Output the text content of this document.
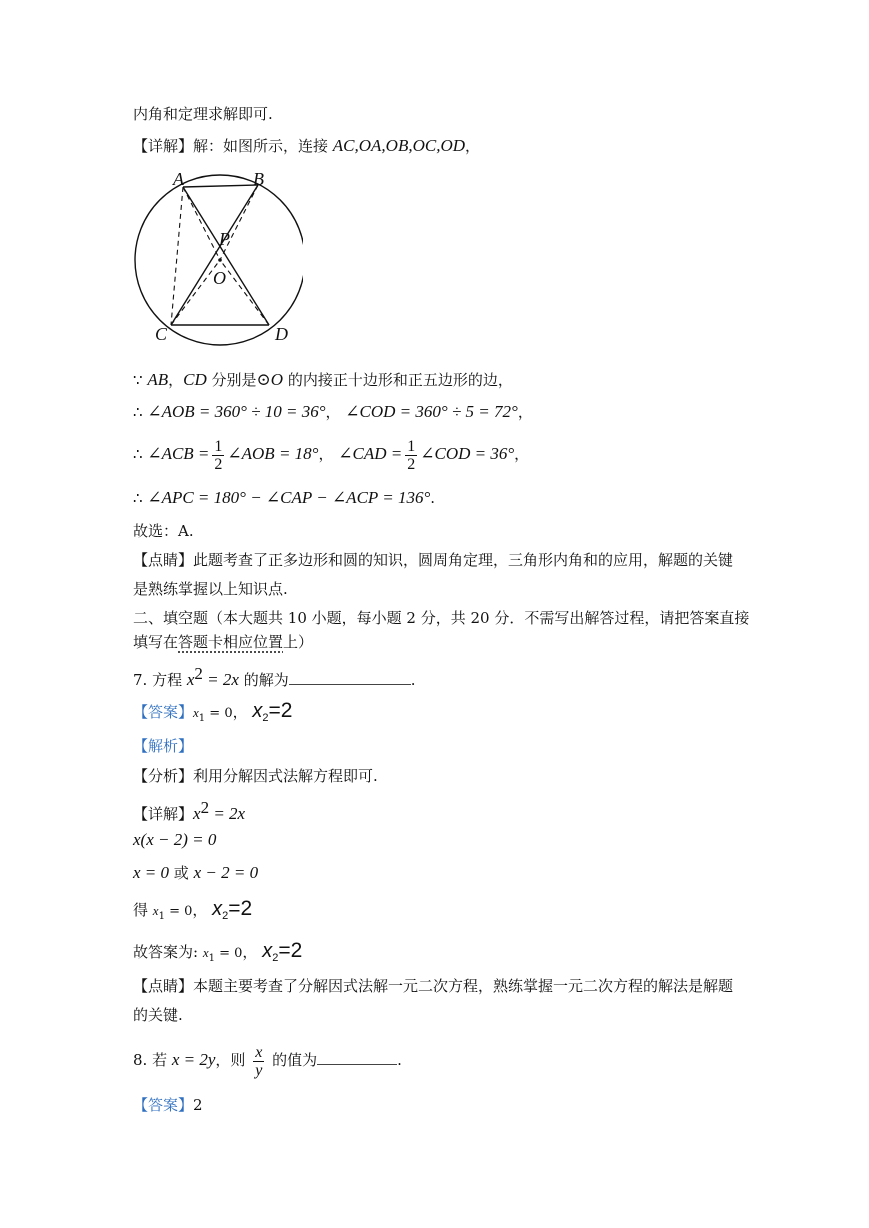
内角和定理求解即可.
【详解】解：如图所示，连接 AC,OA,OB,OC,OD，
A	B
P
O
C	D
∵ AB，CD 分别是⊙O 的内接正十边形和正五边形的边，
∴ ∠AOB = 360° ÷ 10 = 36°， ∠COD = 360° ÷ 5 = 72°，
∴ ∠ACB = $\frac{1}{2}$ ∠AOB = 18°， ∠CAD = $\frac{1}{2}$ ∠COD = 36°，
∴ ∠APC = 180° − ∠CAP − ∠ACP = 136°.
故选：A.
【点睛】此题考查了正多边形和圆的知识，圆周角定理，三角形内角和的应用，解题的关键
是熟练掌握以上知识点.
二、填空题（本大题共 10 小题，每小题 2 分，共 20 分．不需写出解答过程，请把答案直接
填写在答题卡相应位置上）
7. 方程 $x^2 = 2x$ 的解为	.
【答案】$x_1 = 0$， $x_2=2$
【解析】
【分析】利用分解因式法解方程即可.
【详解】$x^2 = 2x$
x(x − 2) = 0
x = 0 或 x − 2 = 0
得 $x_1 = 0$， $x_2=2$
故答案为: $x_1 = 0$， $x_2=2$
【点睛】本题主要考查了分解因式法解一元二次方程，熟练掌握一元二次方程的解法是解题
的关键.
8. 若 x = 2y，则 $\frac{x}{y}$ 的值为	.
【答案】2
